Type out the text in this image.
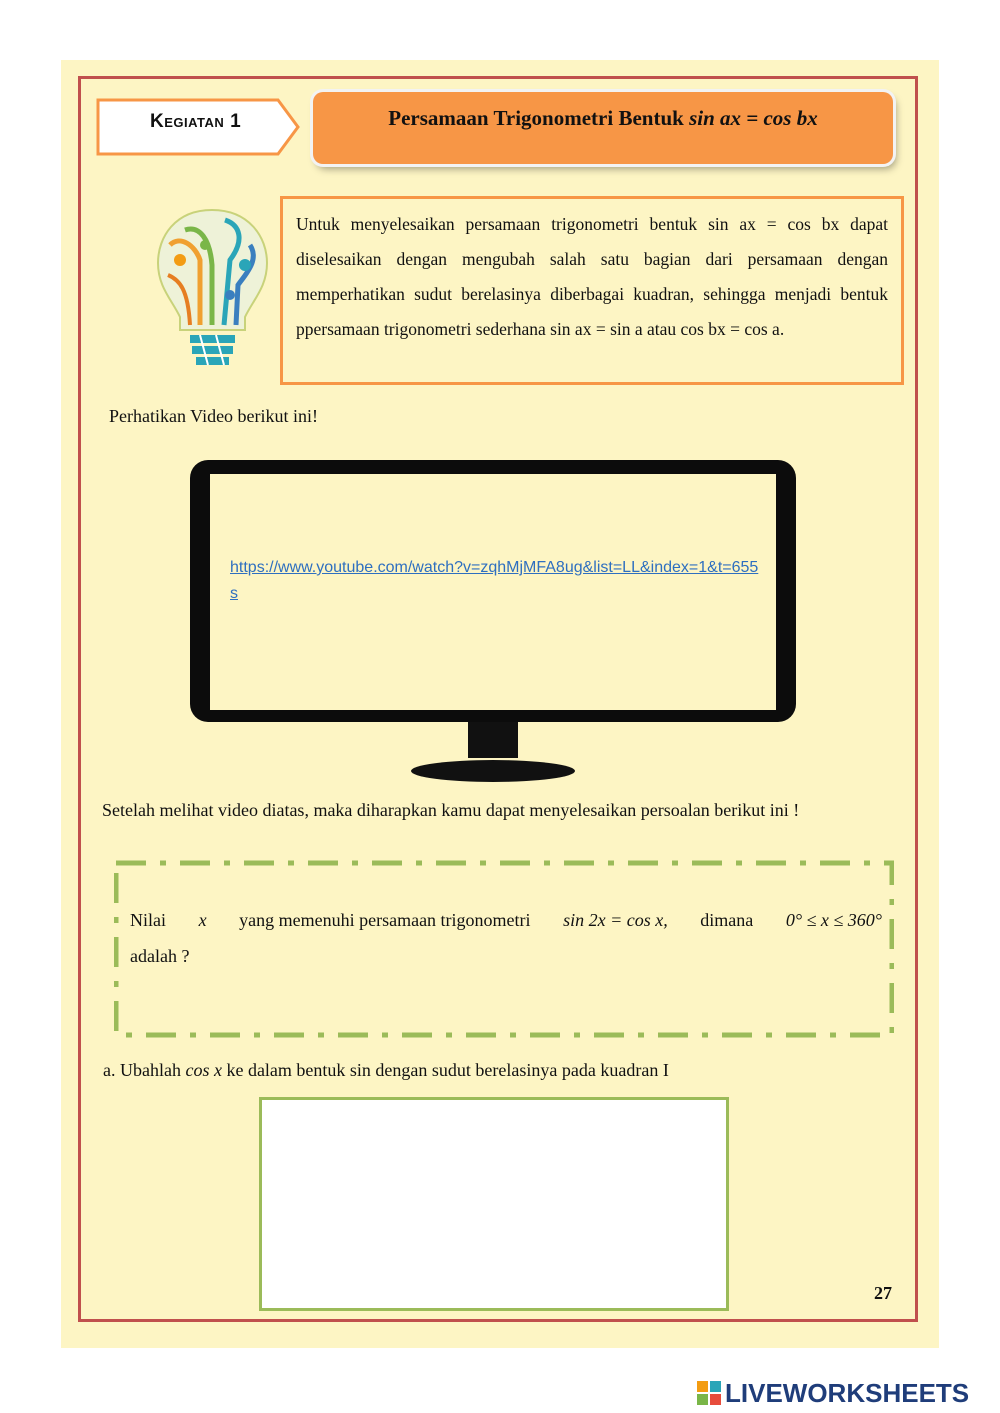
Kegiatan 1	Persamaan Trigonometri Bentuk sin ax = cos bx

Untuk menyelesaikan persamaan trigonometri bentuk sin ax = cos bx dapat diselesaikan dengan mengubah salah satu bagian dari persamaan dengan memperhatikan sudut berelasinya diberbagai kuadran, sehingga menjadi bentuk ppersamaan trigonometri sederhana sin ax = sin a atau cos bx = cos a.

Perhatikan Video berikut ini!
https://www.youtube.com/watch?v=zqhMjMFA8ug&list=LL&index=1&t=655s
Setelah melihat video diatas, maka diharapkan kamu dapat menyelesaikan persoalan berikut ini !
Nilai x yang memenuhi persamaan trigonometri sin 2x = cos x, dimana 0° ≤ x ≤ 360°
adalah ?
a. Ubahlah cos x ke dalam bentuk sin dengan sudut berelasinya pada kuadran I
27
LIVEWORKSHEETS
